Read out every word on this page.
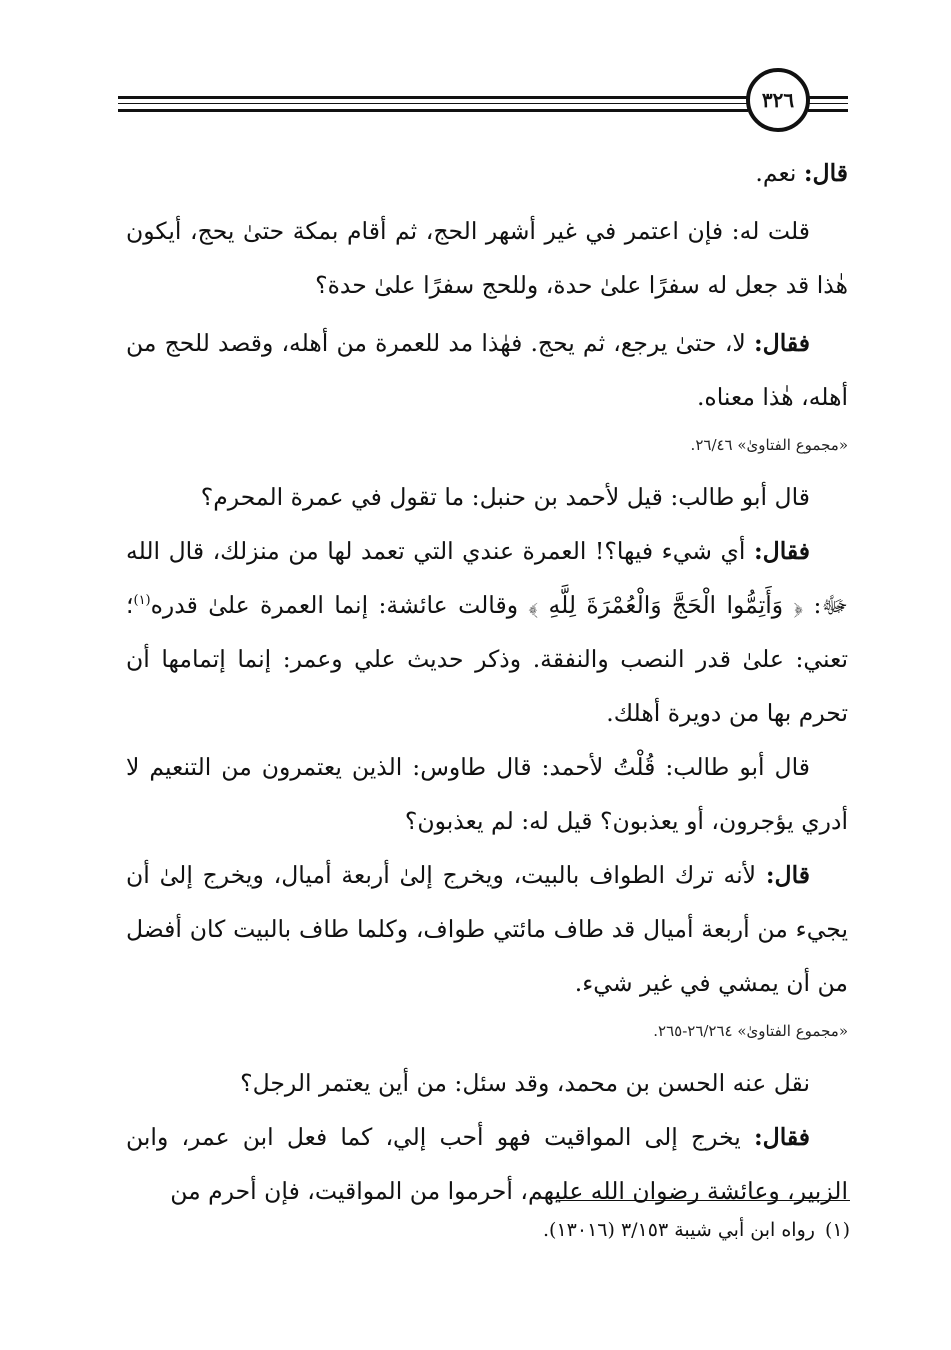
٣٢٦

قال: نعم.

قلت له: فإن اعتمر في غير أشهر الحج، ثم أقام بمكة حتىٰ يحج، أيكون هٰذا قد جعل له سفرًا علىٰ حدة، وللحج سفرًا علىٰ حدة؟

فقال: لا، حتىٰ يرجع، ثم يحج. فهٰذا مد للعمرة من أهله، وقصد للحج من أهله، هٰذا معناه.

«مجموع الفتاوىٰ» ٢٦/٤٦.

قال أبو طالب: قيل لأحمد بن حنبل: ما تقول في عمرة المحرم؟

فقال: أي شيء فيها؟! العمرة عندي التي تعمد لها من منزلك، قال الله ﷻ: ﴿ وَأَتِمُّوا الْحَجَّ وَالْعُمْرَةَ لِلَّهِ ﴾ وقالت عائشة: إنما العمرة علىٰ قدره$^{(١)}$؛ تعني: علىٰ قدر النصب والنفقة. وذكر حديث علي وعمر: إنما إتمامها أن تحرم بها من دويرة أهلك.

قال أبو طالب: قُلْتُ لأحمد: قال طاوس: الذين يعتمرون من التنعيم لا أدري يؤجرون، أو يعذبون؟ قيل له: لم يعذبون؟

قال: لأنه ترك الطواف بالبيت، ويخرج إلىٰ أربعة أميال، ويخرج إلىٰ أن يجيء من أربعة أميال قد طاف مائتي طواف، وكلما طاف بالبيت كان أفضل من أن يمشي في غير شيء.

«مجموع الفتاوىٰ» ٢٦/٢٦٤-٢٦٥.

نقل عنه الحسن بن محمد، وقد سئل: من أين يعتمر الرجل؟

فقال: يخرج إلى المواقيت فهو أحب إلي، كما فعل ابن عمر، وابن الزبير، وعائشة رضوان الله عليهم، أحرموا من المواقيت، فإن أحرم من

(١)رواه ابن أبي شيبة ٣/١٥٣ (١٣٠١٦).
